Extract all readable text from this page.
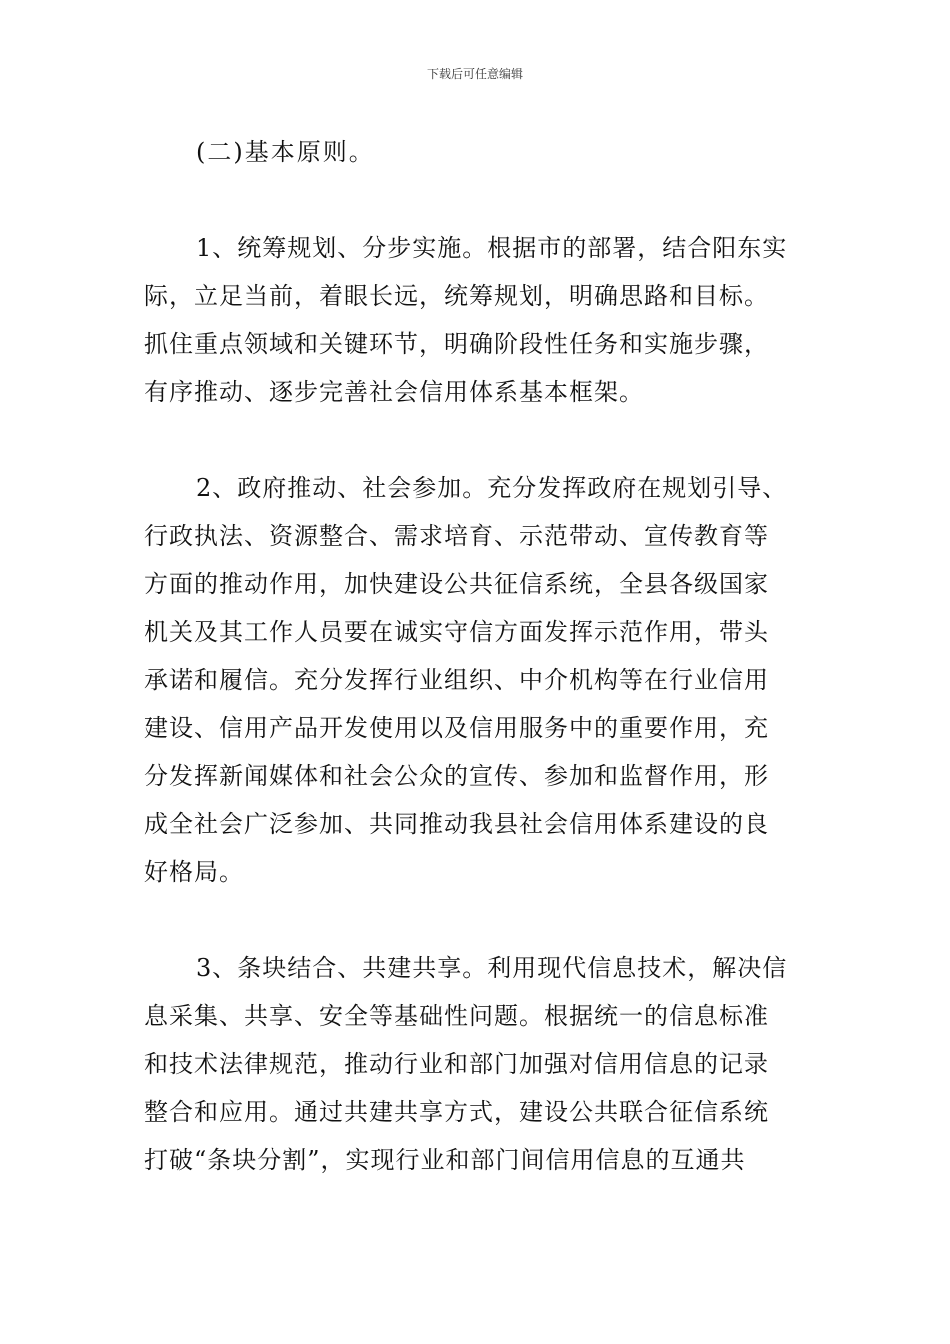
下载后可任意编辑

(二)基本原则。

1、统筹规划、分步实施。根据市的部署，结合阳东实
际，立足当前，着眼长远，统筹规划，明确思路和目标。
抓住重点领域和关键环节，明确阶段性任务和实施步骤，
有序推动、逐步完善社会信用体系基本框架。

2、政府推动、社会参加。充分发挥政府在规划引导、
行政执法、资源整合、需求培育、示范带动、宣传教育等
方面的推动作用，加快建设公共征信系统，全县各级国家
机关及其工作人员要在诚实守信方面发挥示范作用，带头
承诺和履信。充分发挥行业组织、中介机构等在行业信用
建设、信用产品开发使用以及信用服务中的重要作用，充
分发挥新闻媒体和社会公众的宣传、参加和监督作用，形
成全社会广泛参加、共同推动我县社会信用体系建设的良
好格局。

3、条块结合、共建共享。利用现代信息技术，解决信
息采集、共享、安全等基础性问题。根据统一的信息标准
和技术法律规范，推动行业和部门加强对信用信息的记录
整合和应用。通过共建共享方式，建设公共联合征信系统
打破“条块分割”，实现行业和部门间信用信息的互通共
